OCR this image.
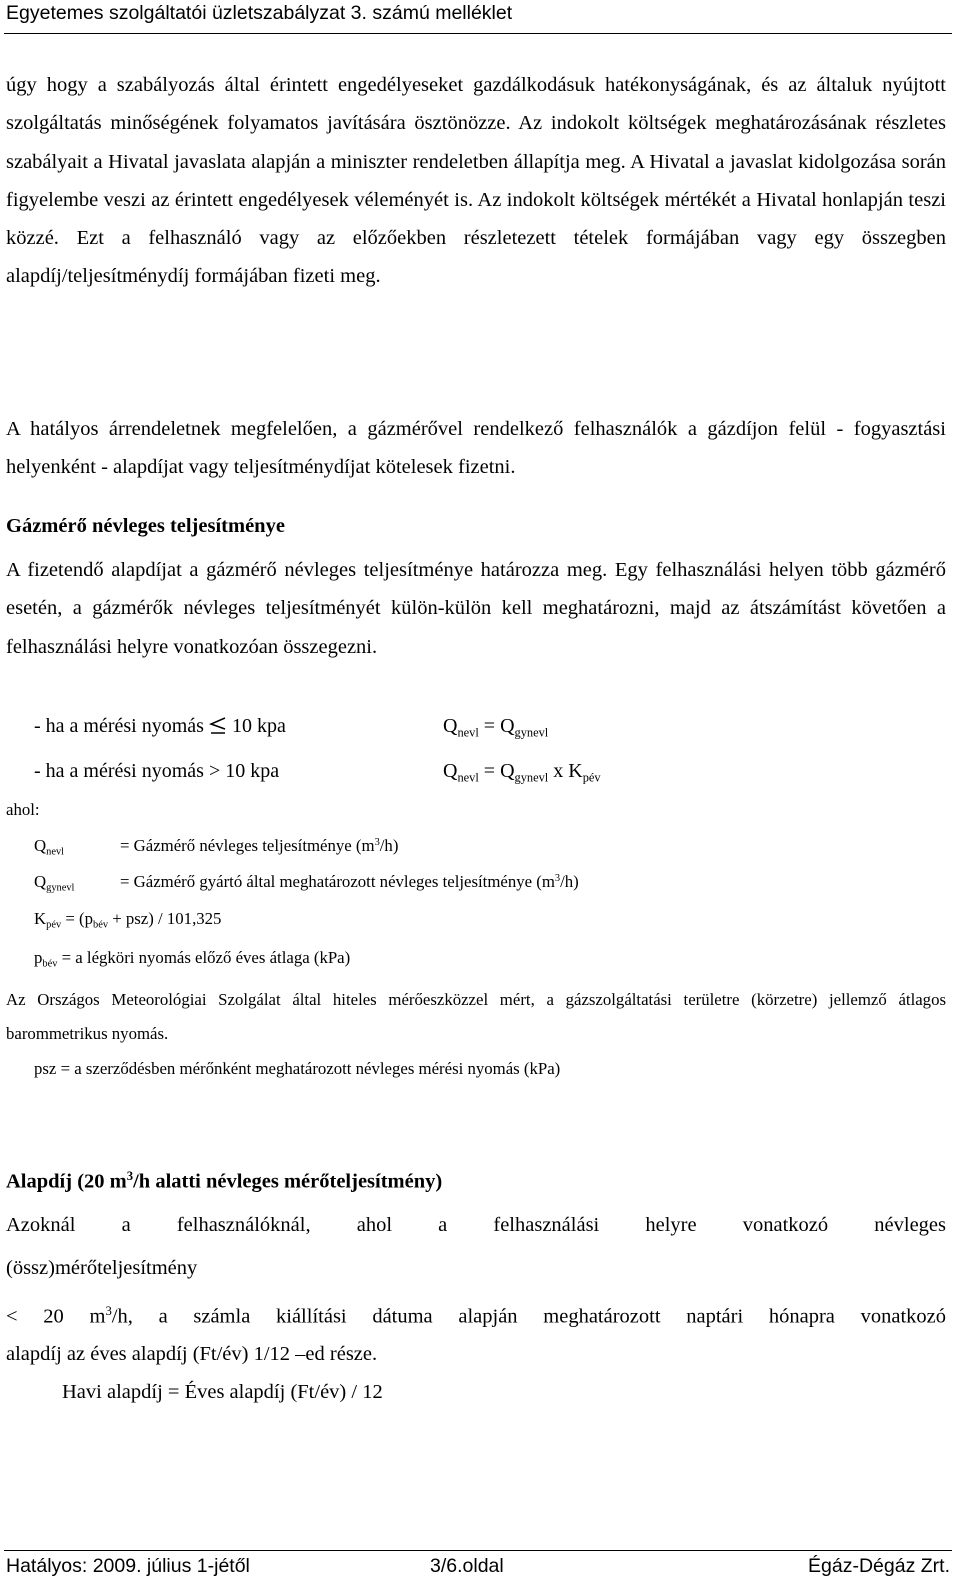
Egyetemes szolgáltatói üzletszabályzat 3. számú melléklet
úgy hogy a szabályozás által érintett engedélyeseket gazdálkodásuk hatékonyságának, és az általuk nyújtott szolgáltatás minőségének folyamatos javítására ösztönözze. Az indokolt költségek meghatározásának részletes szabályait a Hivatal javaslata alapján a miniszter rendeletben állapítja meg. A Hivatal a javaslat kidolgozása során figyelembe veszi az érintett engedélyesek véleményét is. Az indokolt költségek mértékét a Hivatal honlapján teszi közzé. Ezt a felhasználó vagy az előzőekben részletezett tételek formájában vagy egy összegben alapdíj/teljesítménydíj formájában fizeti meg.
A hatályos árrendeletnek megfelelően, a gázmérővel rendelkező felhasználók a gázdíjon felül - fogyasztási helyenként - alapdíjat vagy teljesítménydíjat kötelesek fizetni.
Gázmérő névleges teljesítménye
A fizetendő alapdíjat a gázmérő névleges teljesítménye határozza meg. Egy felhasználási helyen több gázmérő esetén, a gázmérők névleges teljesítményét külön-külön kell meghatározni, majd az átszámítást követően a felhasználási helyre vonatkozóan összegezni.
- ha a mérési nyomás 10 kpa	$Q_{nevl} = Q_{gynevl}$
- ha a mérési nyomás > 10 kpa	$Q_{nevl} = Q_{gynevl}$ x $K_{pév}$
ahol:
$Q_{nevl}$	= Gázmérő névleges teljesítménye $(m^3/h)$
$Q_{gynevl}$	= Gázmérő gyártó által meghatározott névleges teljesítménye $(m^3/h)$
$K_{pév} = (p_{bév} + psz) / 101,325$
$p_{bév} = a$ légköri nyomás előző éves átlaga (kPa)
Az Országos Meteorológiai Szolgálat által hiteles mérőeszközzel mért, a gázszolgáltatási területre (körzetre) jellemző átlagos barommetrikus nyomás.
psz = a szerződésben mérőnként meghatározott névleges mérési nyomás (kPa)
Alapdíj (20 $m^3/h$ alatti névleges mérőteljesítmény)
Azoknál a felhasználóknál, ahol a felhasználási helyre vonatkozó névleges
(össz)mérőteljesítmény
< 20 $m^3/h$, a számla kiállítási dátuma alapján meghatározott naptári hónapra vonatkozó
alapdíj az éves alapdíj (Ft/év) 1/12 –ed része.
Havi alapdíj = Éves alapdíj (Ft/év) / 12
Hatályos: 2009. július 1-jétől	3/6.oldal	Égáz-Dégáz Zrt.
